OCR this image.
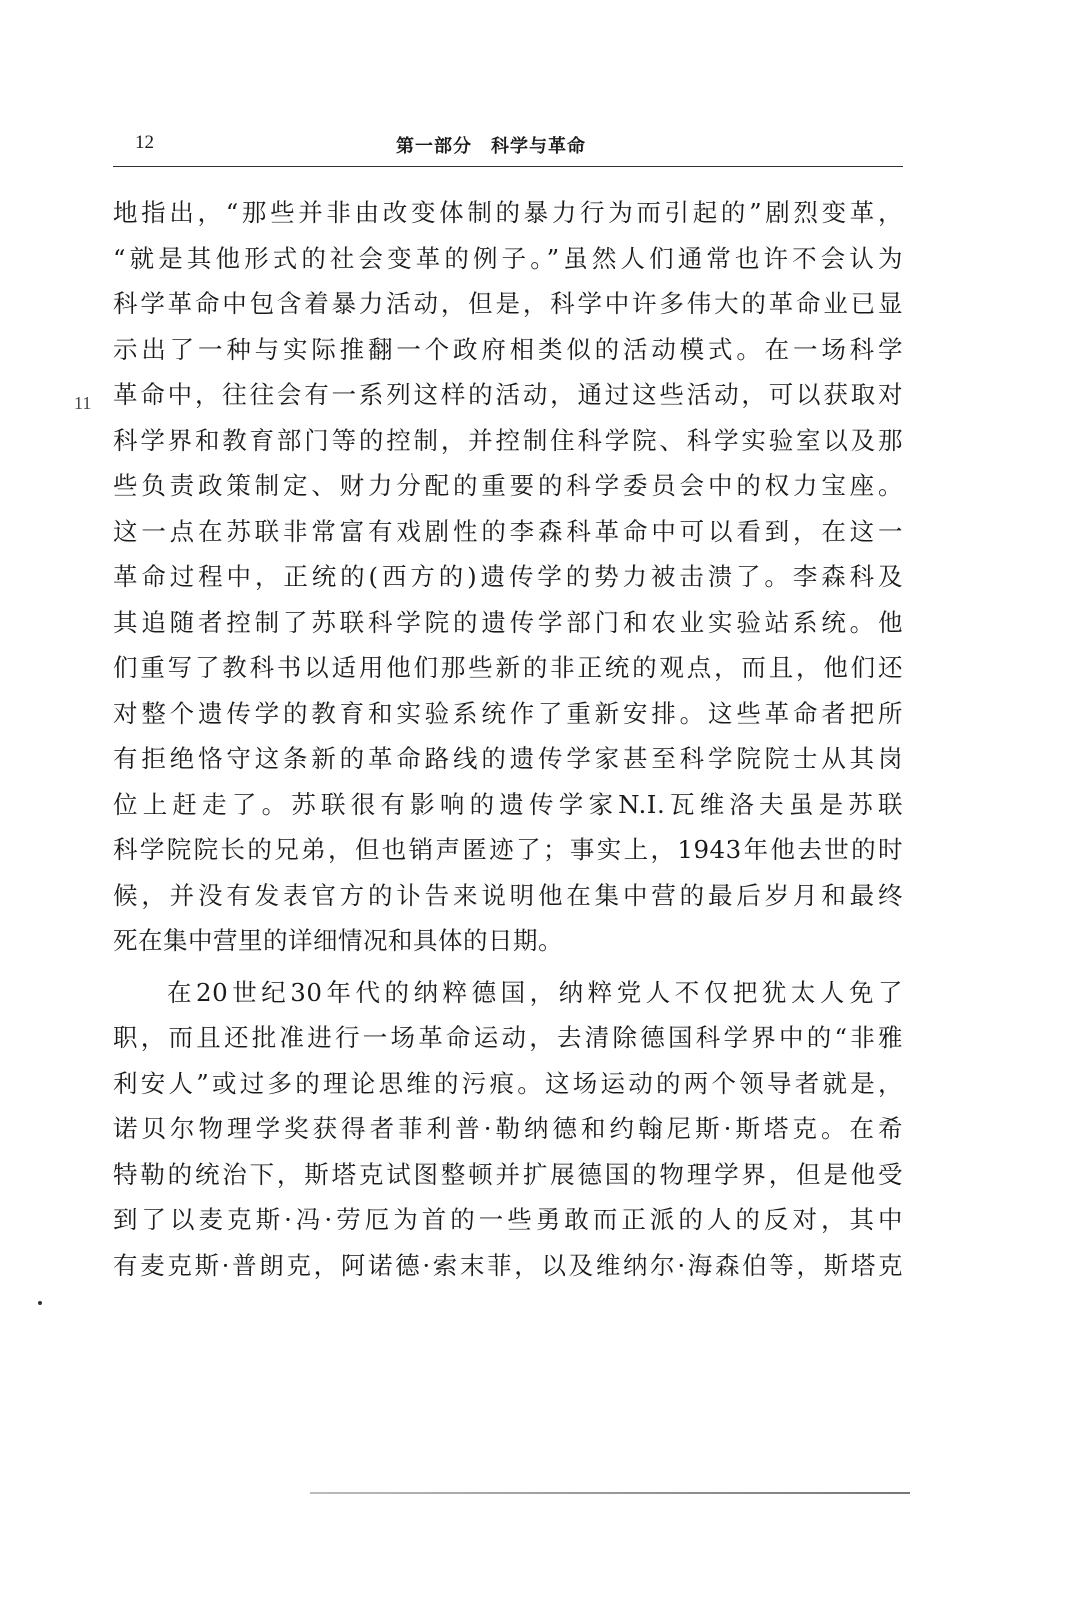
12	第一部分　科学与革命
11
地指出，“那些并非由改变体制的暴力行为而引起的”剧烈变革，
“就是其他形式的社会变革的例子。”虽然人们通常也许不会认为
科学革命中包含着暴力活动，但是，科学中许多伟大的革命业已显
示出了一种与实际推翻一个政府相类似的活动模式。在一场科学
革命中，往往会有一系列这样的活动，通过这些活动，可以获取对
科学界和教育部门等的控制，并控制住科学院、科学实验室以及那
些负责政策制定、财力分配的重要的科学委员会中的权力宝座。
这一点在苏联非常富有戏剧性的李森科革命中可以看到，在这一
革命过程中，正统的(西方的)遗传学的势力被击溃了。李森科及
其追随者控制了苏联科学院的遗传学部门和农业实验站系统。他
们重写了教科书以适用他们那些新的非正统的观点，而且，他们还
对整个遗传学的教育和实验系统作了重新安排。这些革命者把所
有拒绝恪守这条新的革命路线的遗传学家甚至科学院院士从其岗
位上赶走了。苏联很有影响的遗传学家N.I.瓦维洛夫虽是苏联
科学院院长的兄弟，但也销声匿迹了；事实上，1943年他去世的时
候，并没有发表官方的讣告来说明他在集中营的最后岁月和最终
死在集中营里的详细情况和具体的日期。
在20世纪30年代的纳粹德国，纳粹党人不仅把犹太人免了
职，而且还批准进行一场革命运动，去清除德国科学界中的“非雅
利安人”或过多的理论思维的污痕。这场运动的两个领导者就是，
诺贝尔物理学奖获得者菲利普·勒纳德和约翰尼斯·斯塔克。在希
特勒的统治下，斯塔克试图整顿并扩展德国的物理学界，但是他受
到了以麦克斯·冯·劳厄为首的一些勇敢而正派的人的反对，其中
有麦克斯·普朗克，阿诺德·索末菲，以及维纳尔·海森伯等，斯塔克
